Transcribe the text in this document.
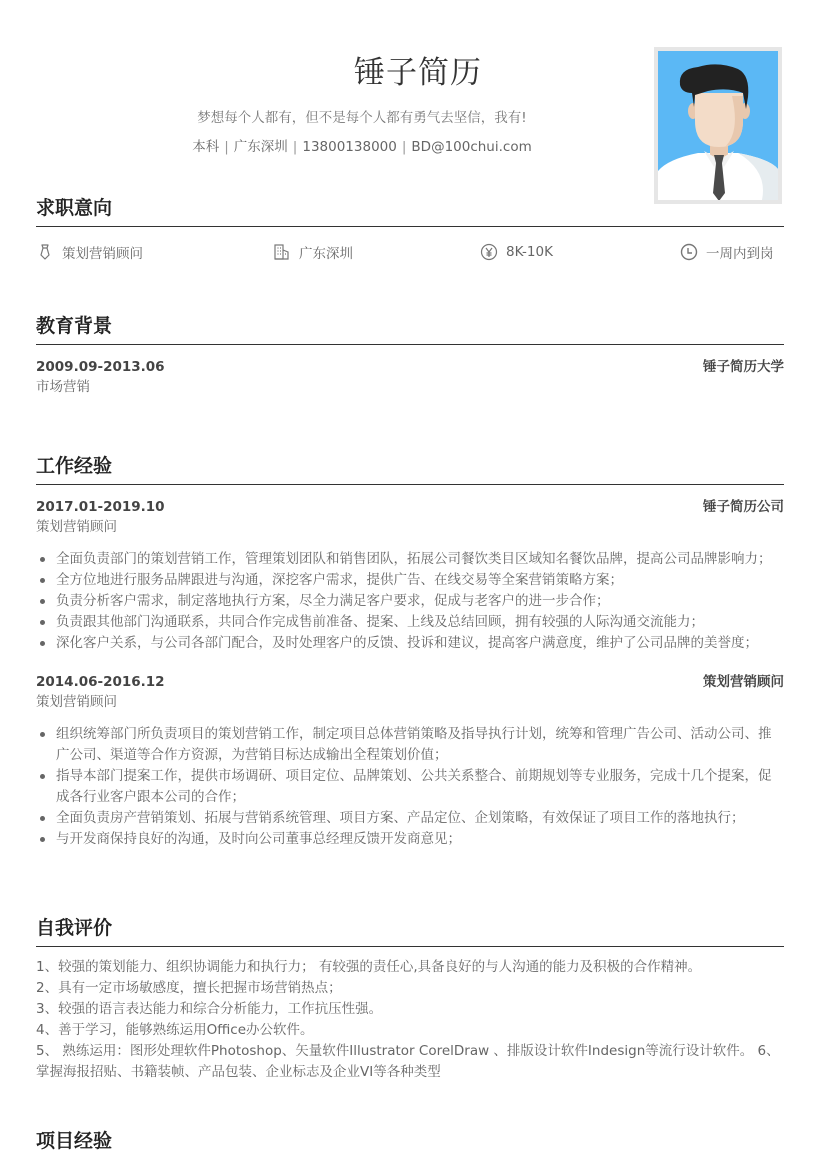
锤子简历
梦想每个人都有，但不是每个人都有勇气去坚信，我有!
本科 | 广东深圳 | 13800138000 | BD@100chui.com
求职意向
策划营销顾问	广东深圳	8K-10K	一周内到岗
教育背景
2009.09-2013.06	锤子简历大学
市场营销
工作经验
2017.01-2019.10	锤子简历公司
策划营销顾问
全面负责部门的策划营销工作，管理策划团队和销售团队，拓展公司餐饮类目区域知名餐饮品牌，提高公司品牌影响力；
全方位地进行服务品牌跟进与沟通，深挖客户需求，提供广告、在线交易等全案营销策略方案；
负责分析客户需求，制定落地执行方案，尽全力满足客户要求，促成与老客户的进一步合作；
负责跟其他部门沟通联系，共同合作完成售前准备、提案、上线及总结回顾，拥有较强的人际沟通交流能力；
深化客户关系，与公司各部门配合，及时处理客户的反馈、投诉和建议，提高客户满意度，维护了公司品牌的美誉度；
2014.06-2016.12	策划营销顾问
策划营销顾问
组织统筹部门所负责项目的策划营销工作，制定项目总体营销策略及指导执行计划，统筹和管理广告公司、活动公司、推广公司、渠道等合作方资源，为营销目标达成输出全程策划价值；
指导本部门提案工作，提供市场调研、项目定位、品牌策划、公共关系整合、前期规划等专业服务，完成十几个提案，促成各行业客户跟本公司的合作；
全面负责房产营销策划、拓展与营销系统管理、项目方案、产品定位、企划策略，有效保证了项目工作的落地执行；
与开发商保持良好的沟通，及时向公司董事总经理反馈开发商意见；
自我评价

1、较强的策划能力、组织协调能力和执行力； 有较强的责任心,具备良好的与人沟通的能力及积极的合作精神。

2、具有一定市场敏感度，擅长把握市场营销热点；

3、较强的语言表达能力和综合分析能力，工作抗压性强。

4、善于学习，能够熟练运用Office办公软件。

5、 熟练运用：图形处理软件Photoshop、矢量软件Illustrator CorelDraw 、排版设计软件Indesign等流行设计软件。 6、掌握海报招贴、书籍装帧、产品包装、企业标志及企业VI等各种类型

项目经验
